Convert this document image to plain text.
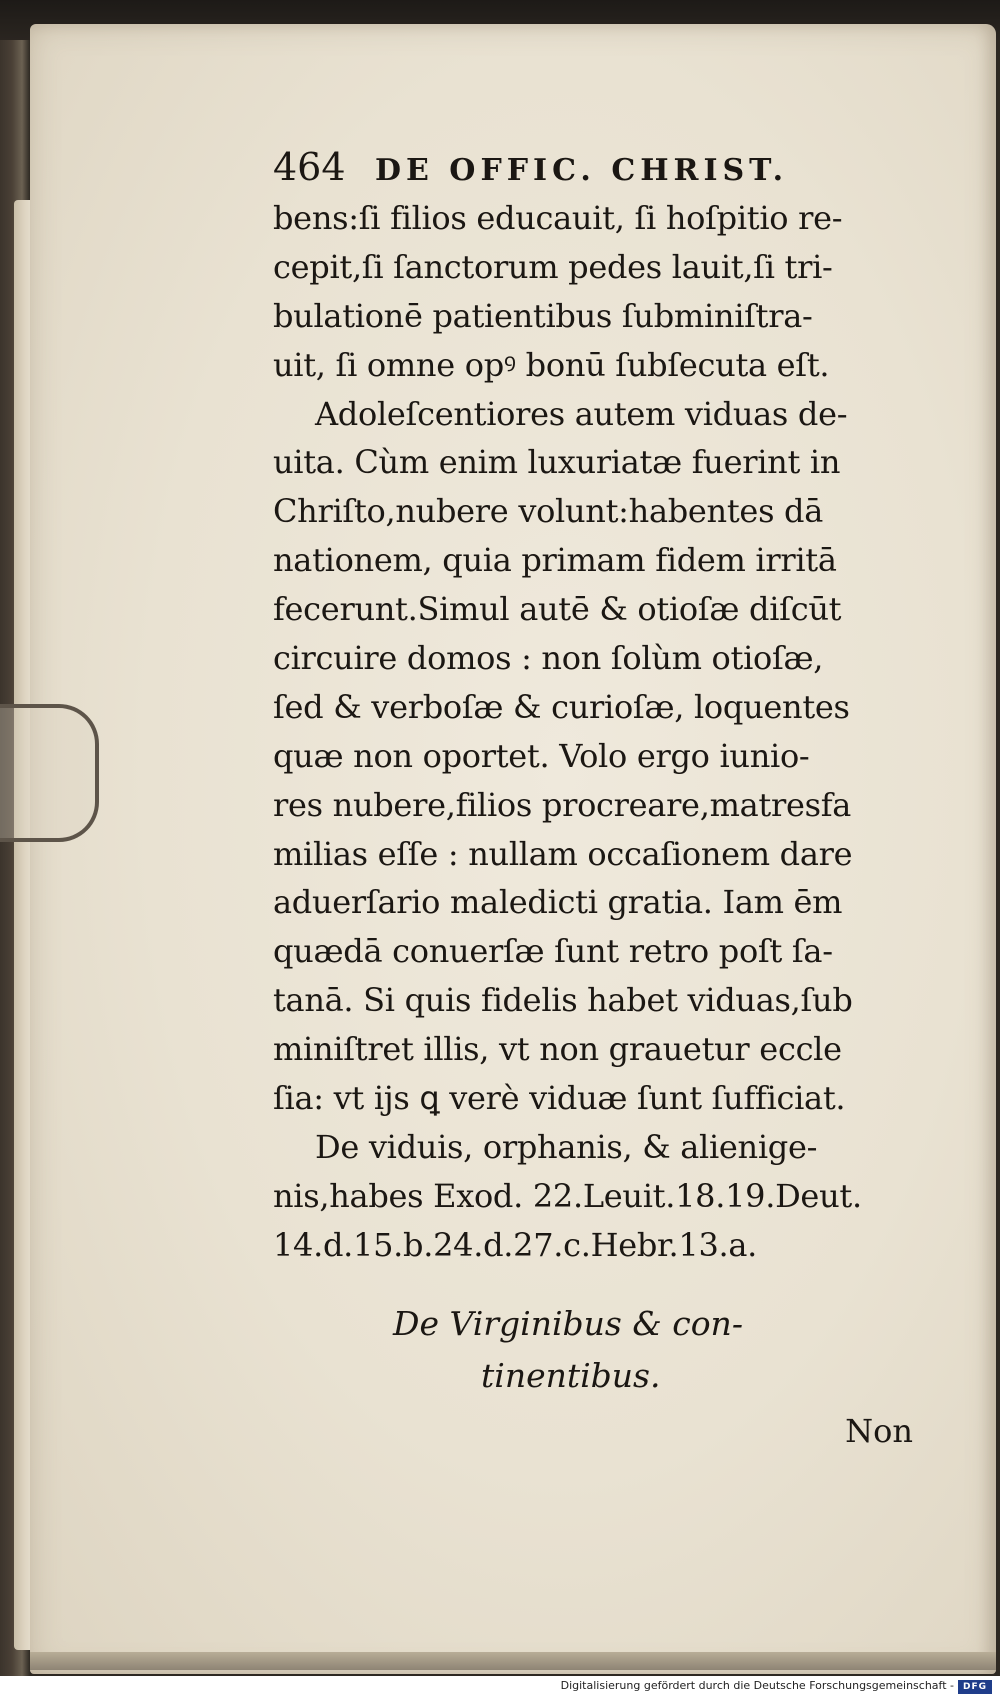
464 DE OFFIC. CHRIST.
bens:ſi filios educauit, ſi hoſpitio re-
cepit,ſi ſanctorum pedes lauit,ſi tri-
bulationē patientibus ſubminiſtra-
uit, ſi omne opꝰ bonū ſubſecuta eſt.
Adoleſcentiores autem viduas de-
uita. Cùm enim luxuriatæ fuerint in
Chriſto,nubere volunt:habentes dā
nationem, quia primam fidem irritā
fecerunt.Simul autē & otioſæ diſcūt
circuire domos : non ſolùm otioſæ,
ſed & verboſæ & curioſæ, loquentes
quæ non oportet. Volo ergo iunio-
res nubere,filios procreare,matresfa
milias eſſe : nullam occaſionem dare
aduerſario maledicti gratia. Iam ēm
quædā conuerſæ ſunt retro poſt ſa-
tanā. Si quis fidelis habet viduas,ſub
miniſtret illis, vt non grauetur eccle
ſia: vt ijs ꝗ verè viduæ ſunt ſufficiat.
De viduis, orphanis, & alienige-
nis,habes Exod. 22.Leuit.18.19.Deut.
14.d.15.b.24.d.27.c.Hebr.13.a.
De Virginibus & con-
tinentibus.
Non
Digitalisierung gefördert durch die Deutsche Forschungsgemeinschaft - DFG
